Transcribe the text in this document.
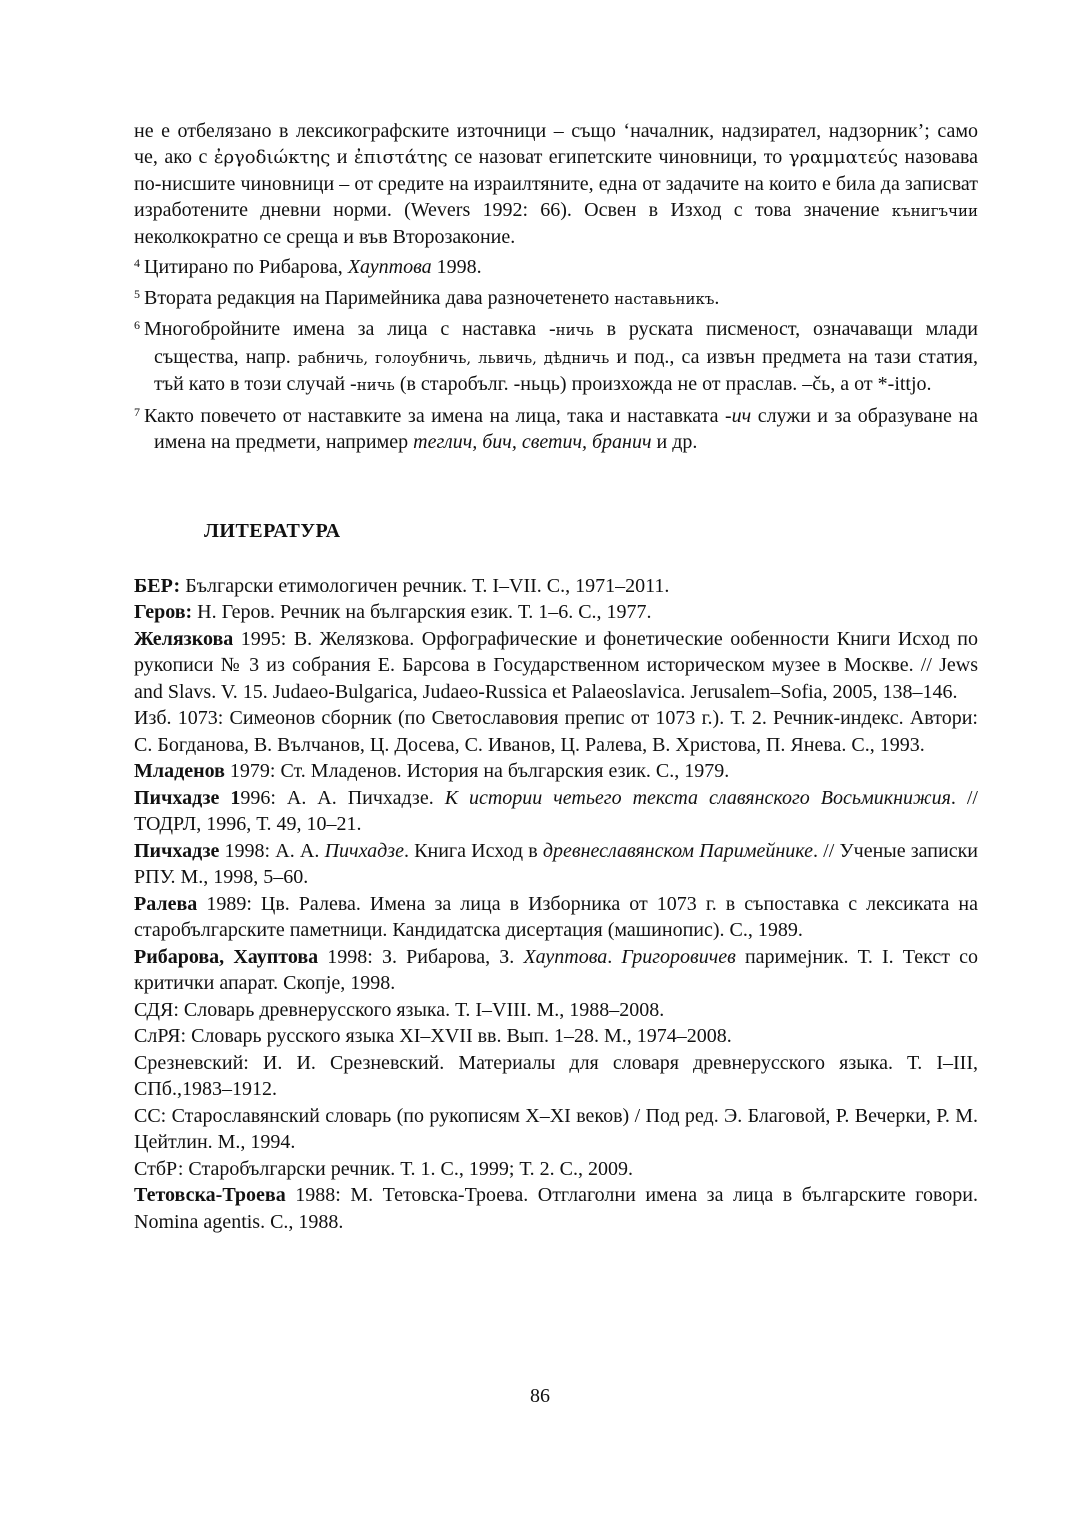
не е отбелязано в лексикографските източници – също ‘началник, надзирател, надзорник’; само че, ако с ἐργοδιώκτης и ἐπιστάτης се назоват египетските чиновници, то γραμματεύς назовава по-нисшите чиновници – от средите на израилтяните, една от задачите на които е била да записват изработените дневни норми. (Wevers 1992: 66). Освен в Изход с това значение кънигъчии неколкократно се среща и във Второзаконие.

$^4$ Цитирано по Рибарова, Хауптова 1998.

$^5$ Втората редакция на Паримейника дава разночетенето наставьникъ.

$^6$ Многобройните имена за лица с наставка -ничь в руската писменост, означаващи млади същества, напр. рабничь, голоубничь, львичь, дѣдничь и под., са извън предмета на тази статия, тъй като в този случай -ничь (в старобълг. -ньць) произхожда не от праслав. –čь, а от *-ittjo.

$^7$ Както повечето от наставките за имена на лица, така и наставката -ич служи и за образуване на имена на предмети, например теглич, бич, светич, бранич и др.

ЛИТЕРАТУРА

БЕР: Български етимологичен речник. Т. I–VII. С., 1971–2011.

Геров: Н. Геров. Речник на българския език. Т. 1–6. С., 1977.

Желязкова 1995: В. Желязкова. Орфографические и фонетические ообенности Книги Исход по рукописи № 3 из собрания Е. Барсова в Государственном историческом музее в Москве. // Jews and Slavs. V. 15. Judaeo-Bulgarica, Judaeo-Russica et Palaeoslavica. Jerusalem–Sofia, 2005, 138–146.

Изб. 1073: Симеонов сборник (по Светославовия препис от 1073 г.). Т. 2. Речник-индекс. Автори: С. Богданова, В. Вълчанов, Ц. Досева, С. Иванов, Ц. Ралева, В. Христова, П. Янева. С., 1993.

Младенов 1979: Ст. Младенов. История на българския език. С., 1979.

Пичхадзе 1996: А. А. Пичхадзе. К истории четьего текста славянского Восьмикнижия. // ТОДРЛ, 1996, Т. 49, 10–21.

Пичхадзе 1998: А. А. Пичхадзе. Книга Исход в древнеславянском Паримейнике. // Ученые записки РПУ. М., 1998, 5–60.

Ралева 1989: Цв. Ралева. Имена за лица в Изборника от 1073 г. в съпоставка с лексиката на старобългарските паметници. Кандидатска дисертация (машинопис). С., 1989.

Рибарова, Хауптова 1998: З. Рибарова, З. Хауптова. Григоровичев паримејник. Т. I. Текст со критички апарат. Скопје, 1998.

СДЯ: Словарь древнерусского языка. Т. I–VIII. М., 1988–2008.

СлРЯ: Словарь русского языка XI–XVII вв. Вып. 1–28. М., 1974–2008.

Срезневский: И. И. Срезневский. Материалы для словаря древнерусского языка. Т. I–III, СПб.,1983–1912.

СС: Старославянский словарь (по рукописям X–XI веков) / Под ред. Э. Благовой, Р. Вечерки, Р. М. Цейтлин. М., 1994.

СтбР: Старобългарски речник. Т. 1. С., 1999; Т. 2. С., 2009.

Тетовска-Троева 1988: М. Тетовска-Троева. Отглаголни имена за лица в българските говори. Nomina agentis. С., 1988.

86
